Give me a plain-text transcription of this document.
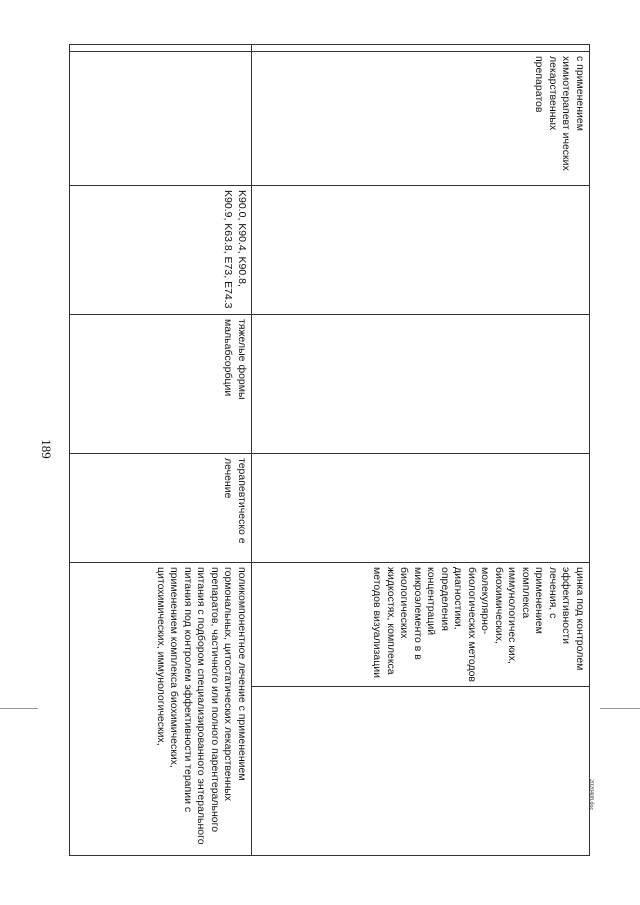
189
2020408.doc
	с применением химиотерапевт ических лекарственных препаратов				цинка под контролем эффективности лечения, с применением комплекса иммунологичес ких, биохимических, молекулярно-биологических методов диагностики, определения концентраций микроэлементо в в биологических жидкостях, комплекса методов визуализации	
		K90.0, K90.4, K90.8, K90.9, K63.8, E73, E74.3	тяжелые формы мальабсорбции	терапевтическо е лечение	поликомпонентное лечение с применением гормональных, цитостатических лекарственных препаратов, частичного или полного парентерального питания с подбором специализированного энтерального питания под контролем эффективности терапии с применением комплекса биохимических, цитохимических, иммунологических,	
